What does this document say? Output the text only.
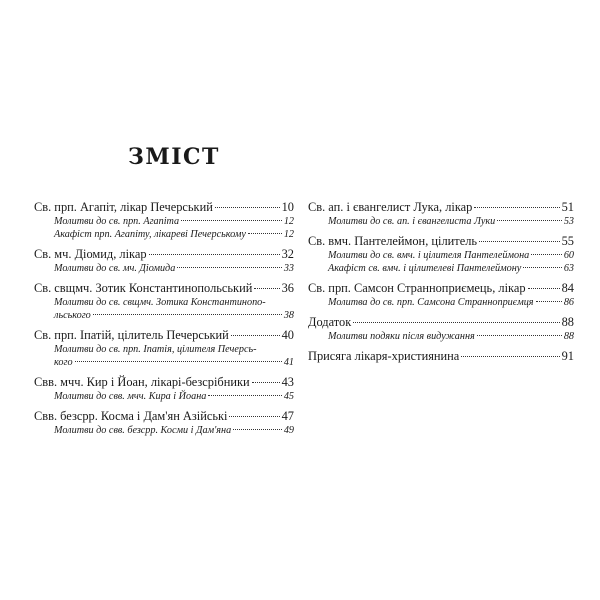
ЗМІСТ
Св. прп. Агапіт, лікар Печерський	10
Молитви до св. прп. Агапіта	12
Акафіст прп. Агапіту, лікареві Печерському	12
Св. мч. Діомид, лікар	32
Молитви до св. мч. Діомида	33
Св. свщмч. Зотик Константинопольський 36
Молитви до св. свщмч. Зотика Константинопо-
льського	38
Св. прп. Іпатій, цілитель Печерський	40
Молитви до св. прп. Іпатія, цілителя Печерсь-
кого	41
Свв. мчч. Кир і Йоан, лікарі-безсрібники	43
Молитви до свв. мчч. Кира і Йоана	45
Свв. безсрр. Косма і Дам'ян Азійські	47
Молитви до свв. безсрр. Косми і Дам'яна	49
Св. ап. і євангелист Лука, лікар	51
Молитви до св. ап. і євангелиста Луки	53
Св. вмч. Пантелеймон, цілитель	55
Молитви до св. вмч. і цілителя Пантелеймона	60
Акафіст св. вмч. і цілителеві Пантелеймону	63
Св. прп. Самсон Странноприємець, лікар	84
Молитва до св. прп. Самсона Странноприємця	86
Додаток	88
Молитви подяки після видужання	88
Присяга лікаря-християнина	91
